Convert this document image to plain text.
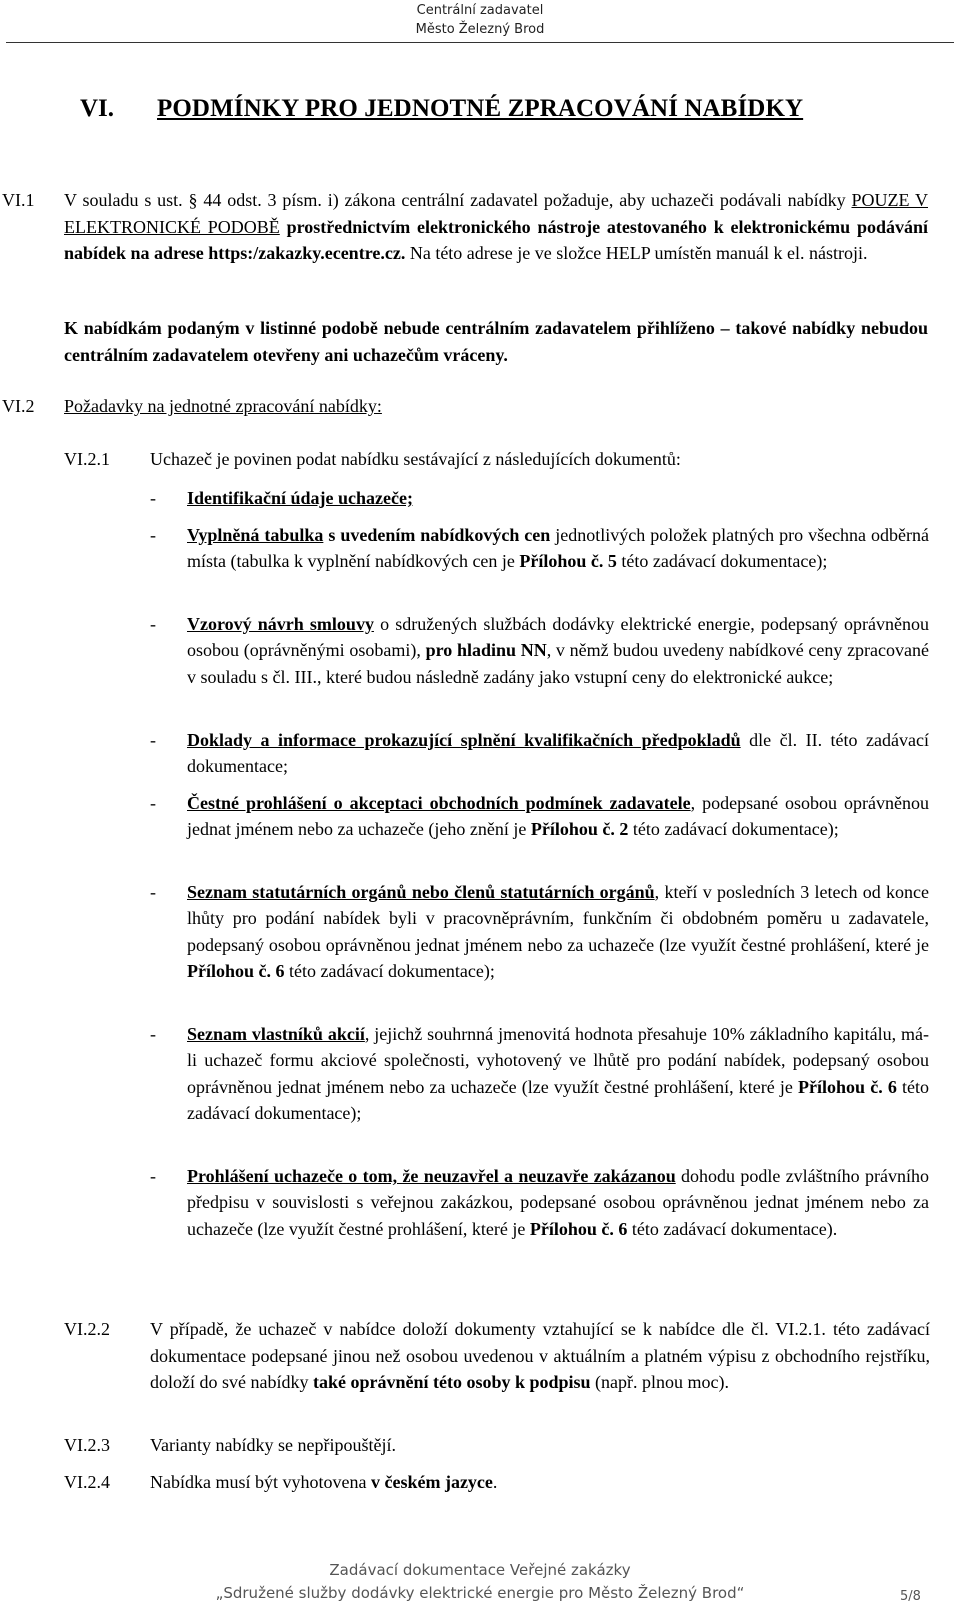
Centrální zadavatel
Město Železný Brod
VI. PODMÍNKY PRO JEDNOTNÉ ZPRACOVÁNÍ NABÍDKY
VI.1 V souladu s ust. § 44 odst. 3 písm. i) zákona centrální zadavatel požaduje, aby uchazeči podávali nabídky POUZE V ELEKTRONICKÉ PODOBĚ prostřednictvím elektronického nástroje atestovaného k elektronickému podávání nabídek na adrese https:/zakazky.ecentre.cz. Na této adrese je ve složce HELP umístěn manuál k el. nástroji.
K nabídkám podaným v listinné podobě nebude centrálním zadavatelem přihlíženo – takové nabídky nebudou centrálním zadavatelem otevřeny ani uchazečům vráceny.
VI.2 Požadavky na jednotné zpracování nabídky:
VI.2.1 Uchazeč je povinen podat nabídku sestávající z následujících dokumentů:
- Identifikační údaje uchazeče;
- Vyplněná tabulka s uvedením nabídkových cen jednotlivých položek platných pro všechna odběrná místa (tabulka k vyplnění nabídkových cen je Přílohou č. 5 této zadávací dokumentace);
- Vzorový návrh smlouvy o sdružených službách dodávky elektrické energie, podepsaný oprávněnou osobou (oprávněnými osobami), pro hladinu NN, v němž budou uvedeny nabídkové ceny zpracované v souladu s čl. III., které budou následně zadány jako vstupní ceny do elektronické aukce;
- Doklady a informace prokazující splnění kvalifikačních předpokladů dle čl. II. této zadávací dokumentace;
- Čestné prohlášení o akceptaci obchodních podmínek zadavatele, podepsané osobou oprávněnou jednat jménem nebo za uchazeče (jeho znění je Přílohou č. 2 této zadávací dokumentace);
- Seznam statutárních orgánů nebo členů statutárních orgánů, kteří v posledních 3 letech od konce lhůty pro podání nabídek byli v pracovněprávním, funkčním či obdobném poměru u zadavatele, podepsaný osobou oprávněnou jednat jménem nebo za uchazeče (lze využít čestné prohlášení, které je Přílohou č. 6 této zadávací dokumentace);
- Seznam vlastníků akcií, jejichž souhrnná jmenovitá hodnota přesahuje 10% základního kapitálu, má-li uchazeč formu akciové společnosti, vyhotovený ve lhůtě pro podání nabídek, podepsaný osobou oprávněnou jednat jménem nebo za uchazeče (lze využít čestné prohlášení, které je Přílohou č. 6 této zadávací dokumentace);
- Prohlášení uchazeče o tom, že neuzavřel a neuzavře zakázanou dohodu podle zvláštního právního předpisu v souvislosti s veřejnou zakázkou, podepsané osobou oprávněnou jednat jménem nebo za uchazeče (lze využít čestné prohlášení, které je Přílohou č. 6 této zadávací dokumentace).
VI.2.2 V případě, že uchazeč v nabídce doloží dokumenty vztahující se k nabídce dle čl. VI.2.1. této zadávací dokumentace podepsané jinou než osobou uvedenou v aktuálním a platném výpisu z obchodního rejstříku, doloží do své nabídky také oprávnění této osoby k podpisu (např. plnou moc).
VI.2.3 Varianty nabídky se nepřipouštějí.
VI.2.4 Nabídka musí být vyhotovena v českém jazyce.
Zadávací dokumentace Veřejné zakázky
„Sdružené služby dodávky elektrické energie pro Město Železný Brod“	5/8
